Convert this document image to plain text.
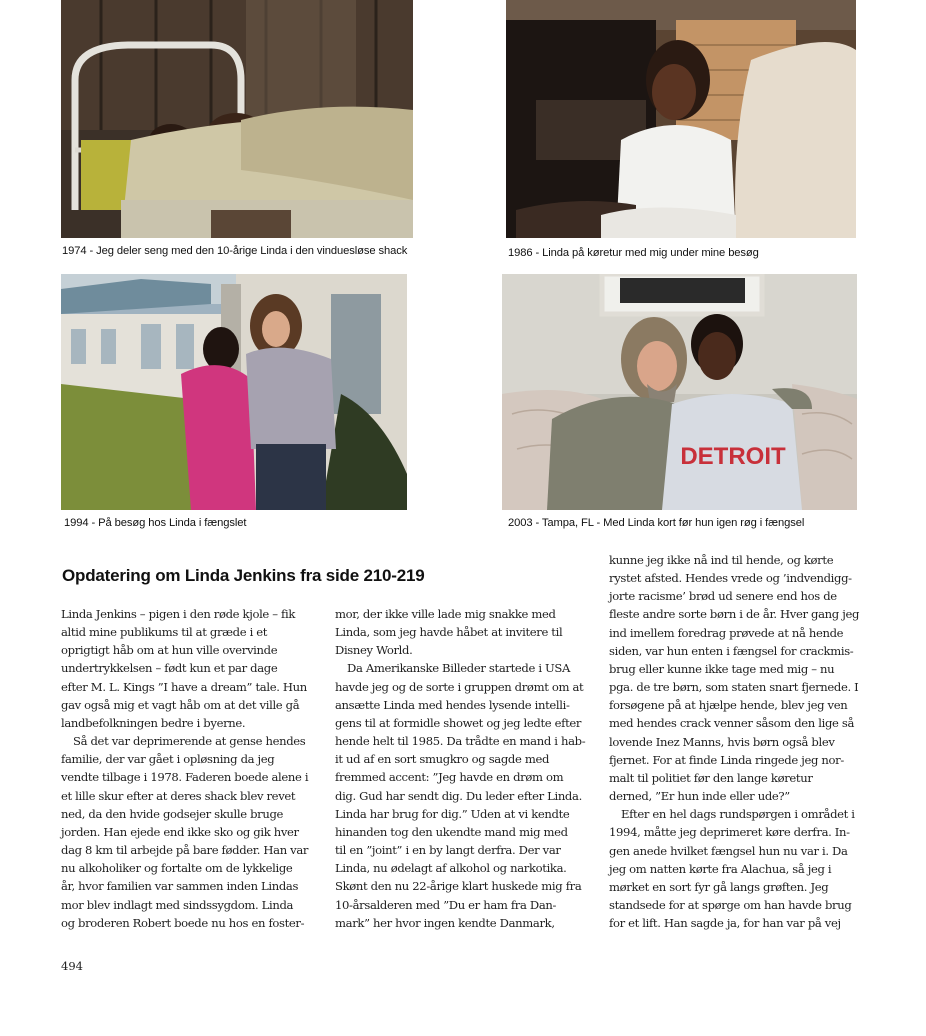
1974 - Jeg deler seng med den 10-årige Linda i den vinduesløse shack	1986 - Linda på køretur med mig under mine besøg
1994 - På besøg hos Linda i fængslet
DETROIT
2003 - Tampa, FL - Med Linda kort før hun igen røg i fængsel
Opdatering om Linda Jenkins fra side 210-219
Linda Jenkins – pigen i den røde kjole – fik
altid mine publikums til at græde i et
oprigtigt håb om at hun ville overvinde
undertrykkelsen – født kun et par dage
efter M. L. Kings ”I have a dream” tale. Hun
gav også mig et vagt håb om at det ville gå
landbefolkningen bedre i byerne.
Så det var deprimerende at gense hendes
familie, der var gået i opløsning da jeg
vendte tilbage i 1978. Faderen boede alene i
et lille skur efter at deres shack blev revet
ned, da den hvide godsejer skulle bruge
jorden. Han ejede end ikke sko og gik hver
dag 8 km til arbejde på bare fødder. Han var
nu alkoholiker og fortalte om de lykkelige
år, hvor familien var sammen inden Lindas
mor blev indlagt med sindssygdom. Linda
og broderen Robert boede nu hos en foster-
mor, der ikke ville lade mig snakke med
Linda, som jeg havde håbet at invitere til
Disney World.
Da Amerikanske Billeder startede i USA
havde jeg og de sorte i gruppen drømt om at
ansætte Linda med hendes lysende intelli-
gens til at formidle showet og jeg ledte efter
hende helt til 1985. Da trådte en mand i hab-
it ud af en sort smugkro og sagde med
fremmed accent: ”Jeg havde en drøm om
dig. Gud har sendt dig. Du leder efter Linda.
Linda har brug for dig.” Uden at vi kendte
hinanden tog den ukendte mand mig med
til en ”joint” i en by langt derfra. Der var
Linda, nu ødelagt af alkohol og narkotika.
Skønt den nu 22-årige klart huskede mig fra
10-årsalderen med ”Du er ham fra Dan-
mark” her hvor ingen kendte Danmark,
kunne jeg ikke nå ind til hende, og kørte
rystet afsted. Hendes vrede og ’indvendigg-
jorte racisme’ brød ud senere end hos de
fleste andre sorte børn i de år. Hver gang jeg
ind imellem foredrag prøvede at nå hende
siden, var hun enten i fængsel for crackmis-
brug eller kunne ikke tage med mig – nu
pga. de tre børn, som staten snart fjernede. I
forsøgene på at hjælpe hende, blev jeg ven
med hendes crack venner såsom den lige så
lovende Inez Manns, hvis børn også blev
fjernet. For at finde Linda ringede jeg nor-
malt til politiet før den lange køretur
derned, ”Er hun inde eller ude?”
Efter en hel dags rundspørgen i området i
1994, måtte jeg deprimeret køre derfra. In-
gen anede hvilket fængsel hun nu var i. Da
jeg om natten kørte fra Alachua, så jeg i
mørket en sort fyr gå langs grøften. Jeg
standsede for at spørge om han havde brug
for et lift. Han sagde ja, for han var på vej
494
